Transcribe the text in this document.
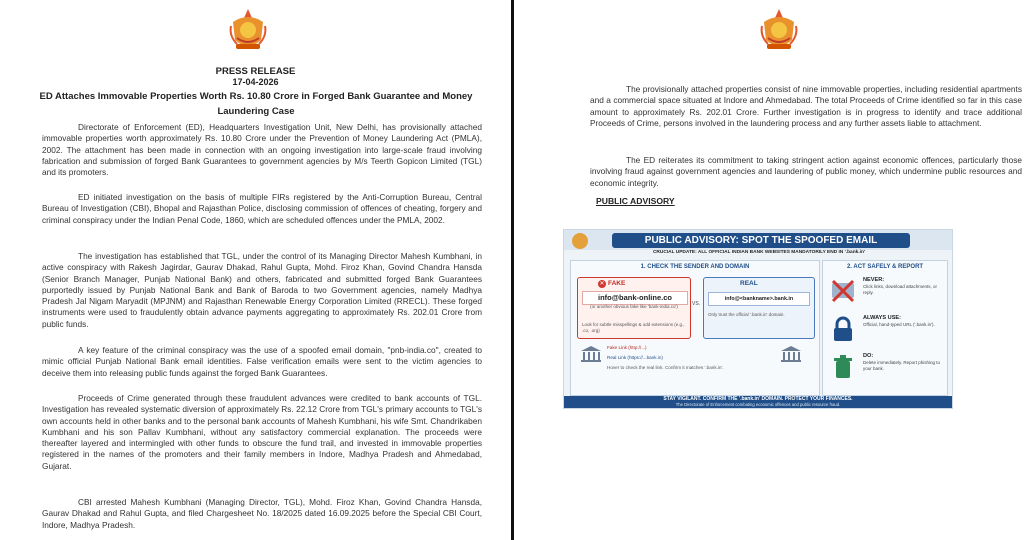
PRESS RELEASE
17-04-2026
ED Attaches Immovable Properties Worth Rs. 10.80 Crore in Forged Bank Guarantee and Money Laundering Case

Directorate of Enforcement (ED), Headquarters Investigation Unit, New Delhi, has provisionally attached immovable properties worth approximately Rs. 10.80 Crore under the Prevention of Money Laundering Act (PMLA), 2002. The attachment has been made in connection with an ongoing investigation into large-scale fraud involving fabrication and submission of forged Bank Guarantees to government agencies by M/s Teerth Gopicon Limited (TGL) and its promoters.

ED initiated investigation on the basis of multiple FIRs registered by the Anti-Corruption Bureau, Central Bureau of Investigation (CBI), Bhopal and Rajasthan Police, disclosing commission of offences of cheating, forgery and criminal conspiracy under the Indian Penal Code, 1860, which are scheduled offences under the PMLA, 2002.

The investigation has established that TGL, under the control of its Managing Director Mahesh Kumbhani, in active conspiracy with Rakesh Jagirdar, Gaurav Dhakad, Rahul Gupta, Mohd. Firoz Khan, Govind Chandra Hansda (Senior Branch Manager, Punjab National Bank) and others, fabricated and submitted forged Bank Guarantees purportedly issued by Punjab National Bank and Bank of Baroda to two Government agencies, namely Madhya Pradesh Jal Nigam Maryadit (MPJNM) and Rajasthan Renewable Energy Corporation Limited (RRECL). These forged instruments were used to fraudulently obtain advance payments aggregating to approximately Rs. 202.01 Crore from public funds.

A key feature of the criminal conspiracy was the use of a spoofed email domain, "pnb-india.co", created to mimic official Punjab National Bank email identities. False verification emails were sent to the victim agencies to deceive them into releasing public funds against the forged Bank Guarantees.

Proceeds of Crime generated through these fraudulent advances were credited to bank accounts of TGL. Investigation has revealed systematic diversion of approximately Rs. 22.12 Crore from TGL's primary accounts to TGL's own accounts held in other banks and to the personal bank accounts of Mahesh Kumbhani, his wife Smt. Chandrikaben Kumbhani and his son Pallav Kumbhani, without any satisfactory commercial explanation. The proceeds were thereafter layered and intermingled with other funds to obscure the fund trail, and invested in immovable properties registered in the names of the promoters and their family members in Indore, Madhya Pradesh and Ahmedabad, Gujarat.

CBI arrested Mahesh Kumbhani (Managing Director, TGL), Mohd. Firoz Khan, Govind Chandra Hansda, Gaurav Dhakad and Rahul Gupta, and filed Chargesheet No. 18/2025 dated 16.09.2025 before the Special CBI Court, Indore, Madhya Pradesh.

The provisionally attached properties consist of nine immovable properties, including residential apartments and a commercial space situated at Indore and Ahmedabad. The total Proceeds of Crime identified so far in this case amount to approximately Rs. 202.01 Crore. Further investigation is in progress to identify and trace additional Proceeds of Crime, persons involved in the laundering process and any further assets liable to attachment.

The ED reiterates its commitment to taking stringent action against economic offences, particularly those involving fraud against government agencies and laundering of public money, which undermine public resources and economic integrity.

PUBLIC ADVISORY
PUBLIC ADVISORY: SPOT THE SPOOFED EMAIL
CRUCIAL UPDATE: ALL OFFICIAL INDIAN BANK WEBSITES MANDATORILY END IN '.bank.in'
1. CHECK THE SENDER AND DOMAIN
✕ FAKE
info@bank-online.co
(or another obvious fake like 'bank-india.co')
Look for subtle misspellings & odd extensions (e.g., .co, .org)
VS.
REAL
info@<bankname>.bank.in
Only trust the official '.bank.in' domain.
Fake Link (http://...)
Real Link (https://...bank.in)
Hover to check the real link. Confirm it matches '.bank.in'.
2. ACT SAFELY & REPORT
NEVER:
Click links, download attachments, or reply.
ALWAYS USE:
Official, hand-typed URL ('.bank.in').
DO:
Delete immediately. Report phishing to your bank.
STAY VIGILANT. CONFIRM THE '.bank.in' DOMAIN. PROTECT YOUR FINANCES.
The Directorate of Enforcement combating economic offences and public resource fraud.
